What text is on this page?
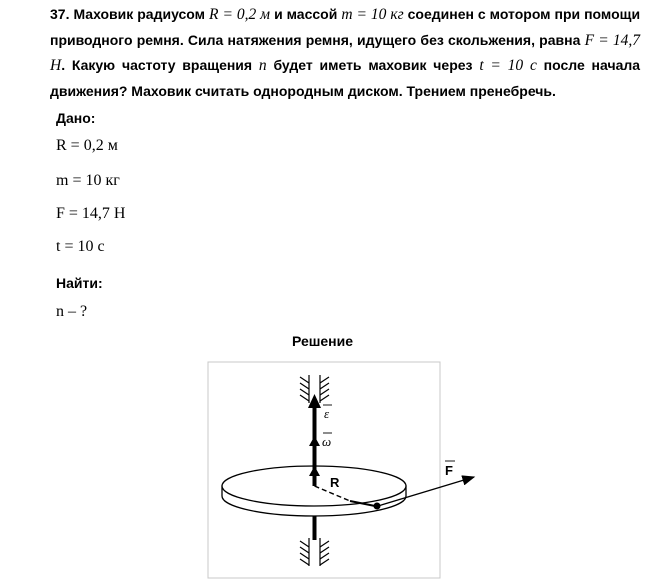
37. Маховик радиусом R = 0,2 м и массой m = 10 кг соединен с мотором при помощи приводного ремня. Сила натяжения ремня, идущего без скольжения, равна F = 14,7 H. Какую частоту вращения n будет иметь маховик через t = 10 c после начала движения? Маховик считать однородным диском. Трением пренебречь.
Дано:
R = 0,2 м
m = 10 кг
F = 14,7 H
t = 10 c
Найти:
n – ?
Решение
ε
ω
R
F
